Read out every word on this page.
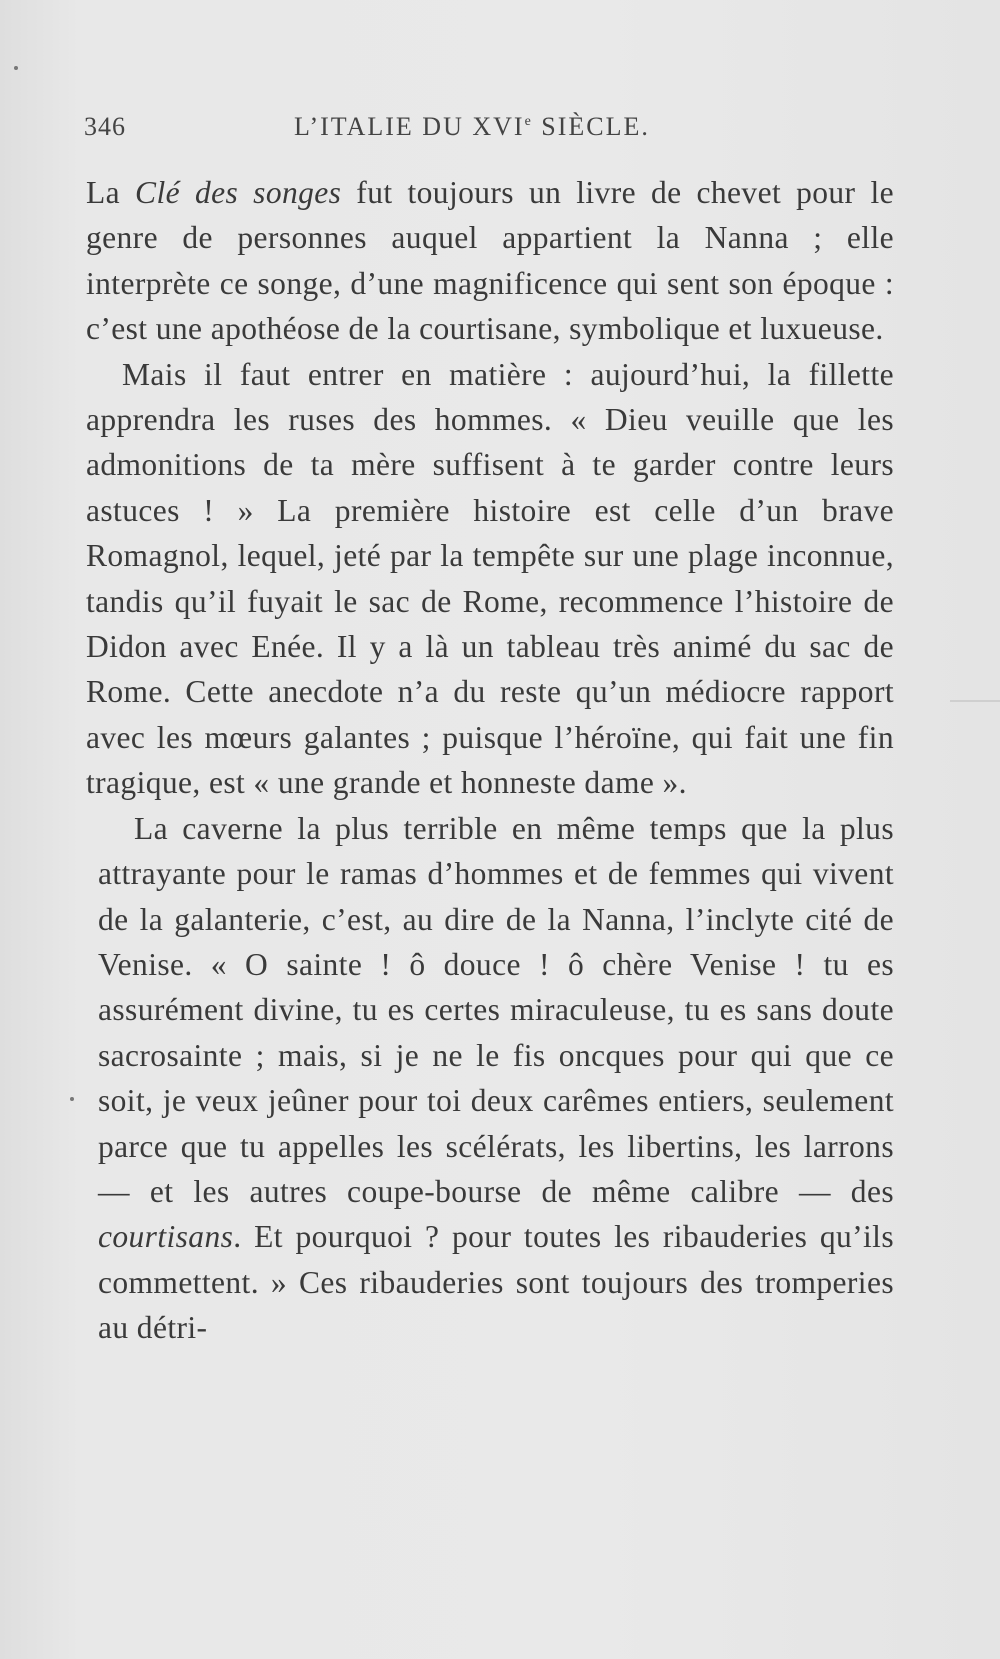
346	L’ITALIE DU XVIe SIÈCLE.

La Clé des songes fut toujours un livre de chevet pour le genre de personnes auquel appartient la Nanna ; elle interprète ce songe, d’une magnificence qui sent son époque : c’est une apothéose de la courtisane, symbolique et luxueuse.

Mais il faut entrer en matière : aujourd’hui, la fillette apprendra les ruses des hommes. « Dieu veuille que les admonitions de ta mère suffisent à te garder contre leurs astuces ! » La première histoire est celle d’un brave Romagnol, lequel, jeté par la tempête sur une plage inconnue, tandis qu’il fuyait le sac de Rome, recommence l’histoire de Didon avec Enée. Il y a là un tableau très animé du sac de Rome. Cette anecdote n’a du reste qu’un médiocre rapport avec les mœurs galantes ; puisque l’héroïne, qui fait une fin tragique, est « une grande et honneste dame ».

La caverne la plus terrible en même temps que la plus attrayante pour le ramas d’hommes et de femmes qui vivent de la galanterie, c’est, au dire de la Nanna, l’inclyte cité de Venise. « O sainte ! ô douce ! ô chère Venise ! tu es assurément divine, tu es certes miraculeuse, tu es sans doute sacrosainte ; mais, si je ne le fis oncques pour qui que ce soit, je veux jeûner pour toi deux carêmes entiers, seulement parce que tu appelles les scélérats, les libertins, les larrons — et les autres coupe-bourse de même calibre — des courtisans. Et pourquoi ? pour toutes les ribauderies qu’ils commettent. » Ces ribauderies sont toujours des tromperies au détri-
